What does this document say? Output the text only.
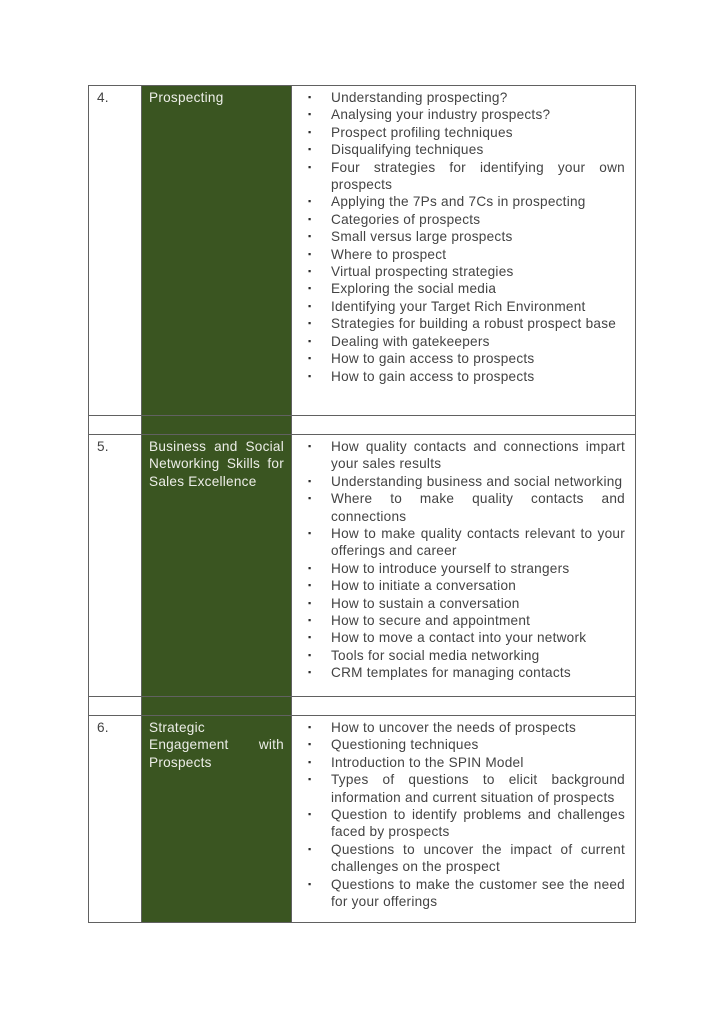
4.	Prospecting	▪	Understanding prospecting?
▪	Analysing your industry prospects?
▪	Prospect profiling techniques
▪	Disqualifying techniques
▪	Four strategies for identifying your own prospects
▪	Applying the 7Ps and 7Cs in prospecting
▪	Categories of prospects
▪	Small versus large prospects
▪	Where to prospect
▪	Virtual prospecting strategies
▪	Exploring the social media
▪	Identifying your Target Rich Environment
▪	Strategies for building a robust prospect base
▪	Dealing with gatekeepers
▪	How to gain access to prospects
▪	How to gain access to prospects
5.	Business and Social Networking Skills for Sales Excellence
▪	How quality contacts and connections impart your sales results
▪	Understanding business and social networking
▪	Where to make quality contacts and connections
▪	How to make quality contacts relevant to your offerings and career
▪	How to introduce yourself to strangers
▪	How to initiate a conversation
▪	How to sustain a conversation
▪	How to secure and appointment
▪	How to move a contact into your network
▪	Tools for social media networking
▪	CRM templates for managing contacts
6.	Strategic Engagement with Prospects
▪	How to uncover the needs of prospects
▪	Questioning techniques
▪	Introduction to the SPIN Model
▪	Types of questions to elicit background information and current situation of prospects
▪	Question to identify problems and challenges faced by prospects
▪	Questions to uncover the impact of current challenges on the prospect
▪	Questions to make the customer see the need for your offerings
